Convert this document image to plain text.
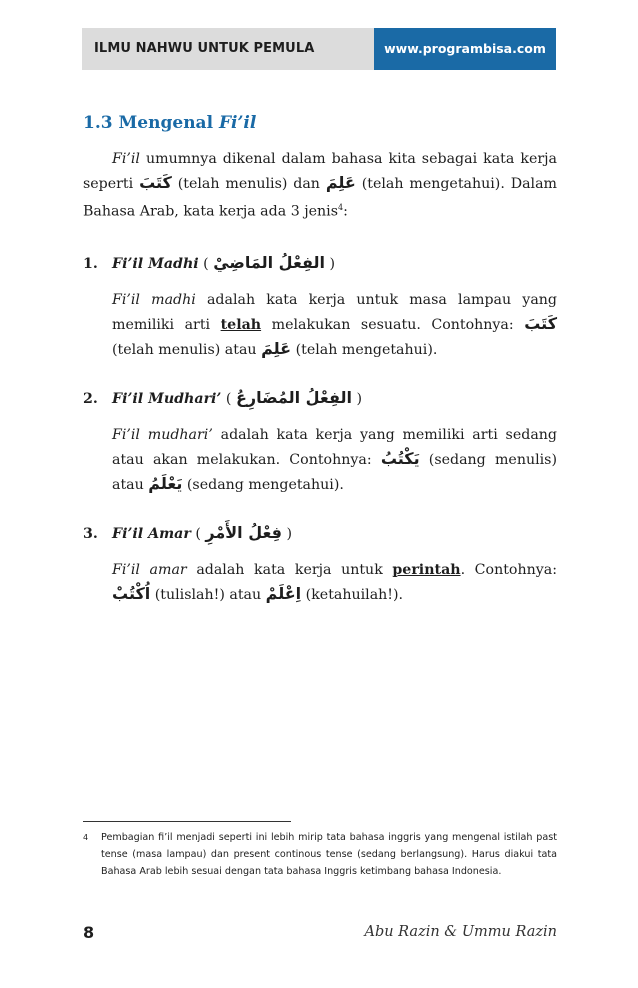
ILMU NAHWU UNTUK PEMULA	www.programbisa.com
1.3 Mengenal Fi’il
Fi’il umumnya dikenal dalam bahasa kita sebagai kata kerja seperti كَتَبَ (telah menulis) dan عَلِمَ (telah mengetahui). Dalam Bahasa Arab, kata kerja ada 3 jenis$^4$:
1. Fi’il Madhi ( الفِعْلُ المَاضِيْ )
Fi’il madhi adalah kata kerja untuk masa lampau yang memiliki arti telah melakukan sesuatu. Contohnya: كَتَبَ (telah menulis) atau عَلِمَ (telah mengetahui).
2. Fi’il Mudhari’ ( الفِعْلُ المُضَارِعُ )
Fi’il mudhari’ adalah kata kerja yang memiliki arti sedang atau akan melakukan. Contohnya: يَكْتُبُ (sedang menulis) atau يَعْلَمُ (sedang mengetahui).
3. Fi’il Amar ( فِعْلُ الأَمْرِ )
Fi’il amar adalah kata kerja untuk perintah. Contohnya: اُكْتُبْ (tulislah!) atau اِعْلَمْ (ketahuilah!).
4 Pembagian fi’il menjadi seperti ini lebih mirip tata bahasa inggris yang mengenal istilah past tense (masa lampau) dan present continous tense (sedang berlangsung). Harus diakui tata Bahasa Arab lebih sesuai dengan tata bahasa Inggris ketimbang bahasa Indonesia.
8	Abu Razin & Ummu Razin
